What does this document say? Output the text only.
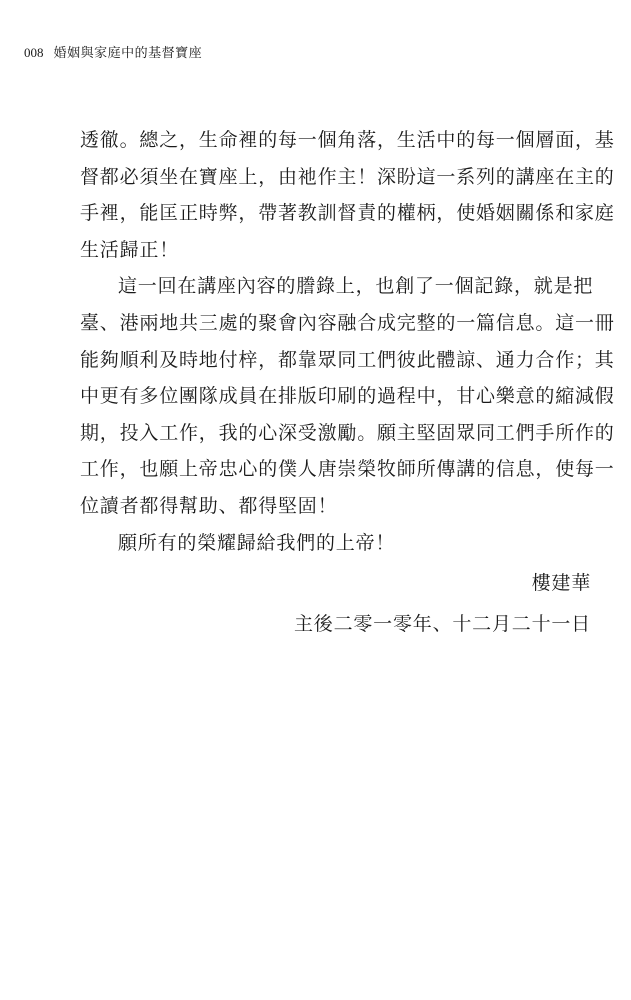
008 婚姻與家庭中的基督寶座

透徹。總之，生命裡的每一個角落，生活中的每一個層面，基
督都必須坐在寶座上，由祂作主！深盼這一系列的講座在主的
手裡，能匡正時弊，帶著教訓督責的權柄，使婚姻關係和家庭
生活歸正！

這一回在講座內容的謄錄上，也創了一個記錄，就是把
臺、港兩地共三處的聚會內容融合成完整的一篇信息。這一冊
能夠順利及時地付梓，都靠眾同工們彼此體諒、通力合作；其
中更有多位團隊成員在排版印刷的過程中，甘心樂意的縮減假
期，投入工作，我的心深受激勵。願主堅固眾同工們手所作的
工作，也願上帝忠心的僕人唐崇榮牧師所傳講的信息，使每一
位讀者都得幫助、都得堅固！

願所有的榮耀歸給我們的上帝！

樓建華
主後二零一零年、十二月二十一日
